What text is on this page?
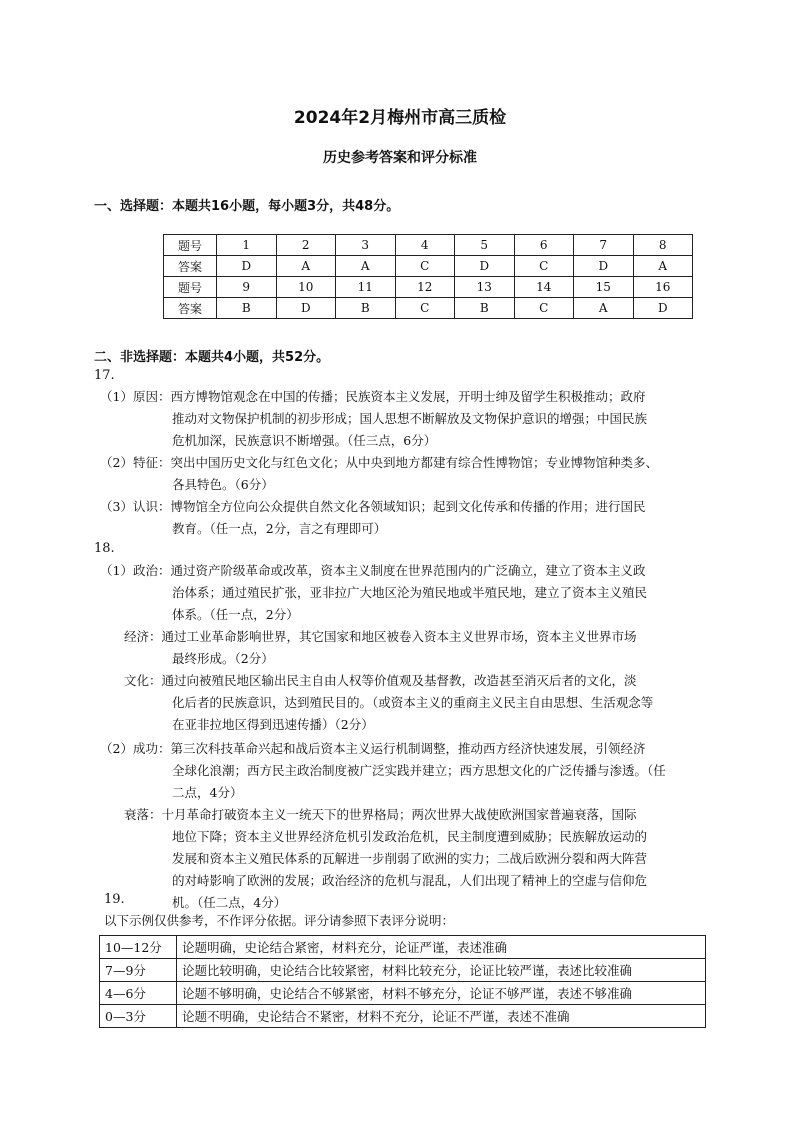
2024年2月梅州市高三质检
历史参考答案和评分标准
一、选择题：本题共16小题，每小题3分，共48分。
题号	1	2	3	4	5	6	7	8
答案	D	A	A	C	D	C	D	A
题号	9	10	11	12	13	14	15	16
答案	B	D	B	C	B	C	A	D
二、非选择题：本题共4小题，共52分。
17.
（1）原因：西方博物馆观念在中国的传播；民族资本主义发展，开明士绅及留学生积极推动；政府
推动对文物保护机制的初步形成；国人思想不断解放及文物保护意识的增强；中国民族
危机加深，民族意识不断增强。（任三点，6分）
（2）特征：突出中国历史文化与红色文化；从中央到地方都建有综合性博物馆；专业博物馆种类多、
各具特色。（6分）
（3）认识：博物馆全方位向公众提供自然文化各领域知识；起到文化传承和传播的作用；进行国民
教育。（任一点，2分，言之有理即可）
18.
（1）政治：通过资产阶级革命或改革，资本主义制度在世界范围内的广泛确立，建立了资本主义政
治体系；通过殖民扩张，亚非拉广大地区沦为殖民地或半殖民地，建立了资本主义殖民
体系。（任一点，2分）
经济：通过工业革命影响世界，其它国家和地区被卷入资本主义世界市场，资本主义世界市场
最终形成。（2分）
文化：通过向被殖民地区输出民主自由人权等价值观及基督教，改造甚至消灭后者的文化，淡
化后者的民族意识，达到殖民目的。（或资本主义的重商主义民主自由思想、生活观念等
在亚非拉地区得到迅速传播）（2分）
（2）成功：第三次科技革命兴起和战后资本主义运行机制调整，推动西方经济快速发展，引领经济
全球化浪潮；西方民主政治制度被广泛实践并建立；西方思想文化的广泛传播与渗透。（任
二点，4分）
衰落：十月革命打破资本主义一统天下的世界格局；两次世界大战使欧洲国家普遍衰落，国际
地位下降；资本主义世界经济危机引发政治危机，民主制度遭到威胁；民族解放运动的
发展和资本主义殖民体系的瓦解进一步削弱了欧洲的实力；二战后欧洲分裂和两大阵营
的对峙影响了欧洲的发展；政治经济的危机与混乱，人们出现了精神上的空虚与信仰危
机。（任二点，4分）
19.
以下示例仅供参考，不作评分依据。评分请参照下表评分说明：
10—12分	论题明确，史论结合紧密，材料充分，论证严谨，表述准确
7—9分	论题比较明确，史论结合比较紧密，材料比较充分，论证比较严谨，表述比较准确
4—6分	论题不够明确，史论结合不够紧密，材料不够充分，论证不够严谨，表述不够准确
0—3分	论题不明确，史论结合不紧密，材料不充分，论证不严谨，表述不准确
